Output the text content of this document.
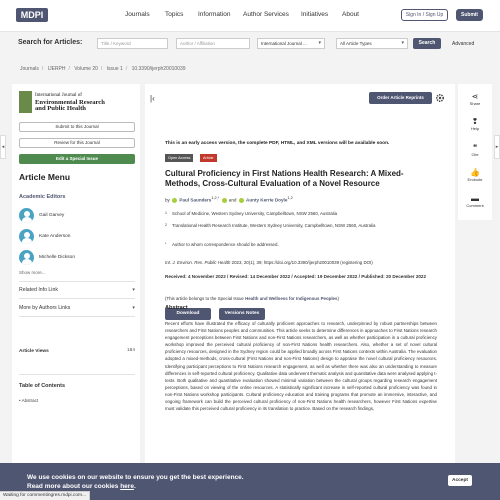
MDPI	Journals Topics Information Author Services Initiatives About	Sign In / Sign Up	Submit
Search for Articles:	Title / Keyword	Author / Affiliation	International Journal ... ▾	All Article Types	▾	Search	Advanced
Journals / IJERPH / Volume 20 / Issue 1 / 10.3390/ijerph20010039
International Journal of
Environmental Research
and Public Health
Submit to this Journal
Review for this Journal
Edit a Special Issue
Article Menu
Academic Editors
Gail Garvey
Kate Anderson
Michelle Dickson
Show more...
Related Info Link	▾
More by Authors Links	▾
Article Views	184
Table of Contents
• Abstract
|‹	Order Article Reprints
This is an early access version, the complete PDF, HTML, and XML versions will be available soon.
Open Access	Article
Cultural Proficiency in First Nations Health Research: A Mixed-Methods, Cross-Cultural Evaluation of a Novel Resource
by Paul Saunders$^{1,2,*}$ and Aunty Kerrie Doyle$^{1,2}$
1 School of Medicine, Western Sydney University, Campbelltown, NSW 2560, Australia
2 Translational Health Research Institute, Western Sydney University, Campbelltown, NSW 2560, Australia
* Author to whom correspondence should be addressed.
Int. J. Environ. Res. Public Health 2023, 20(1), 39; https://doi.org/10.3390/ijerph20010039 (registering DOI)
Received: 4 November 2022 / Revised: 14 December 2022 / Accepted: 19 December 2022 / Published: 20 December 2022
(This article belongs to the Special Issue Health and Wellness for Indigenous Peoples)
Download	Versions Notes
Abstract
Recent efforts have illustrated the efficacy of culturally proficient approaches to research, underpinned by robust partnerships between researchers and First Nations peoples and communities. This article seeks to determine differences in approaches to First Nations research engagement perceptions between First Nations and non-First Nations researchers, as well as whether participation in a cultural proficiency workshop improved the perceived cultural proficiency of non-First Nations health researchers. Also, whether a set of novel cultural proficiency resources, designed in the Sydney region could be applied broadly across First Nations contexts within Australia. The evaluation adopted a mixed-methods, cross-cultural (First Nations and non-First Nations) design to appraise the novel cultural proficiency resources. Identifying participant perceptions to First Nations research engagement, as well as whether there was also an understanding to measure differences in self-reported cultural proficiency. Qualitative data underwent thematic analysis and quantitative data were analysed applying t-tests. Both qualitative and quantitative evaluation showed minimal variation between the cultural groups regarding research engagement perceptions, based on viewing of the online resources. A statistically significant increase in self-reported cultural proficiency was found in non-First Nations workshop participants. Cultural proficiency education and training programs that promote an immersive, interactive, and ongoing framework can build the perceived cultural proficiency of non-First Nations health researchers, however First Nations expertise must validate this perceived cultural proficiency in its translation to practice. Based on the research findings,
⋖
Share
❢
Help
❝
Cite
👍
Endnote
▬
Comment
◂	▸
We use cookies on our website to ensure you get the best experience.
Read more about our cookies here.
Accept
Waiting for commentingres.mdpi.com...
